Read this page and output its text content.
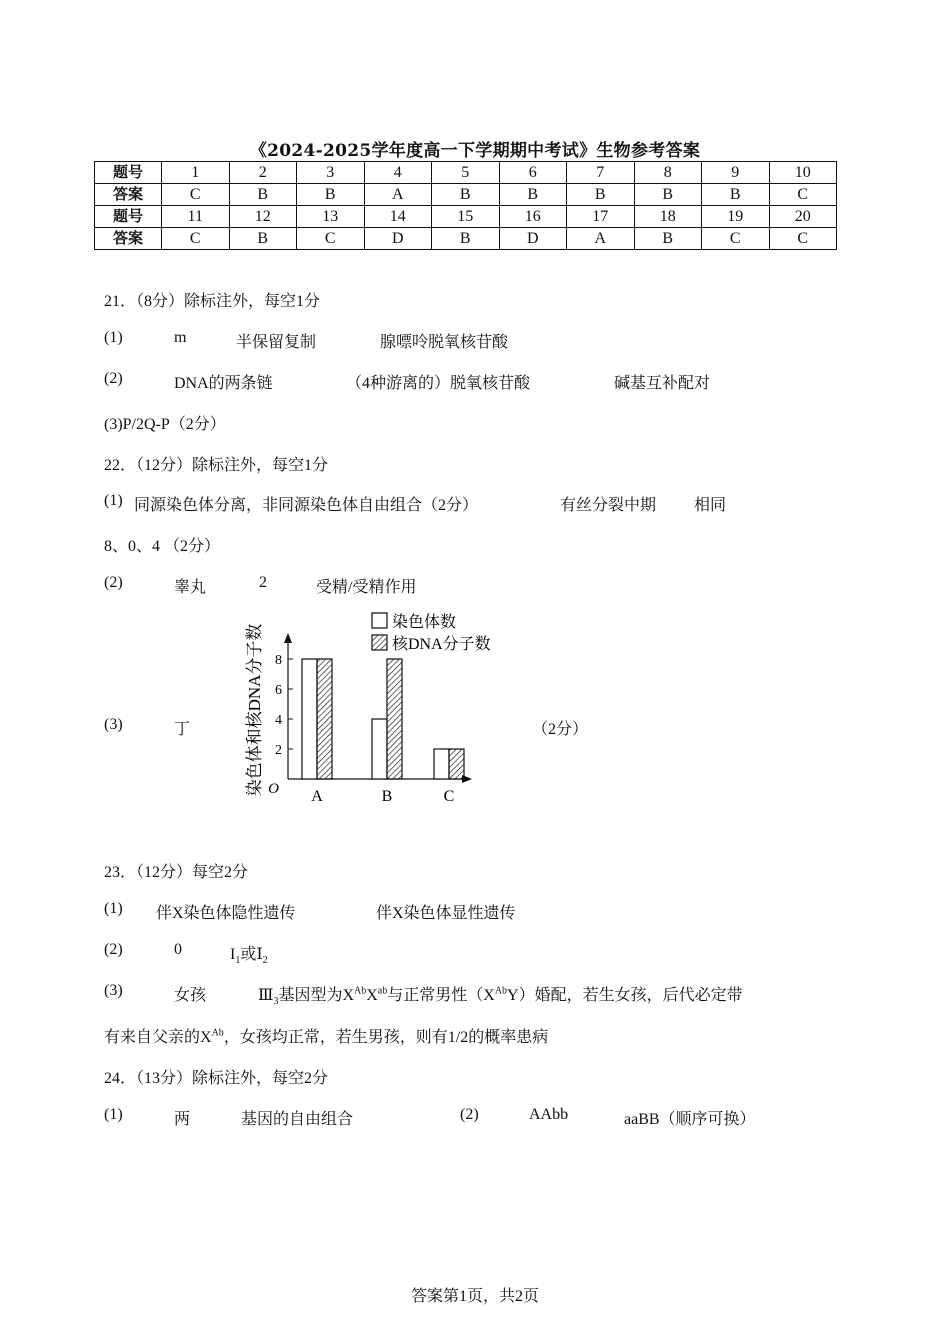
《2024-2025学年度高一下学期期中考试》生物参考答案
题号	1	2	3	4	5	6	7	8	9	10
答案	C	B	B	A	B	B	B	B	B	C
题号	11	12	13	14	15	16	17	18	19	20
答案	C	B	C	D	B	D	A	B	C	C
21．（8分）除标注外，每空1分
(1)	m	半保留复制	腺嘌呤脱氧核苷酸
(2)	DNA的两条链	（4种游离的）脱氧核苷酸	碱基互补配对
(3)P/2Q-P（2分）
22．（12分）除标注外，每空1分
(1) 同源染色体分离，非同源染色体自由组合（2分）	有丝分裂中期 相同
8、0、4 （2分）
(2)	睾丸	2	受精/受精作用
(3)	丁	（2分）
2
4
6
8
O
染色体和核DNA分子数
A	B	C
染色体数
核DNA分子数
23．（12分）每空2分
(1) 伴X染色体隐性遗传	伴X染色体显性遗传
(2)	0	$I_1$或$Ⅰ_2$
(3)	女孩	$Ⅲ_3$基因型为$X^{Ab}X^{ab}$与正常男性$(X^{Ab}Y)$婚配，若生女孩，后代必定带
有来自父亲的$X^{Ab}$，女孩均正常，若生男孩，则有1/2的概率患病
24．（13分）除标注外，每空2分
(1)	两	基因的自由组合	(2)	AAbb	aaBB（顺序可换）
答案第1页，共2页
